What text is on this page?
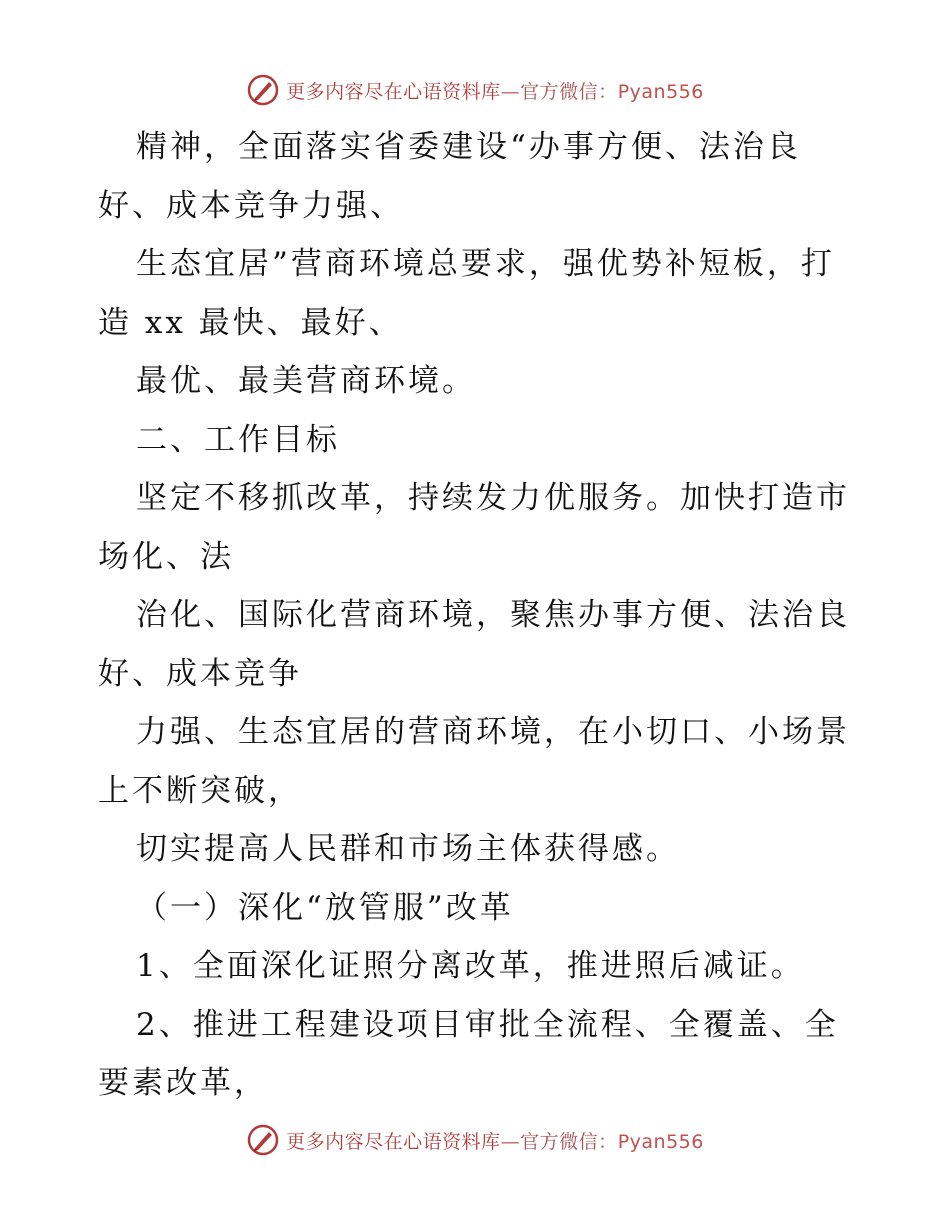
更多内容尽在心语资料库—官方微信：Pyan556
精神，全面落实省委建设“办事方便、法治良
好、成本竞争力强、
生态宜居”营商环境总要求，强优势补短板，打
造 xx 最快、最好、
最优、最美营商环境。
二、工作目标
坚定不移抓改革，持续发力优服务。加快打造市
场化、法
治化、国际化营商环境，聚焦办事方便、法治良
好、成本竞争
力强、生态宜居的营商环境，在小切口、小场景
上不断突破，
切实提高人民群和市场主体获得感。
（一）深化“放管服”改革
1、全面深化证照分离改革，推进照后减证。
2、推进工程建设项目审批全流程、全覆盖、全
要素改革，
更多内容尽在心语资料库—官方微信：Pyan556
